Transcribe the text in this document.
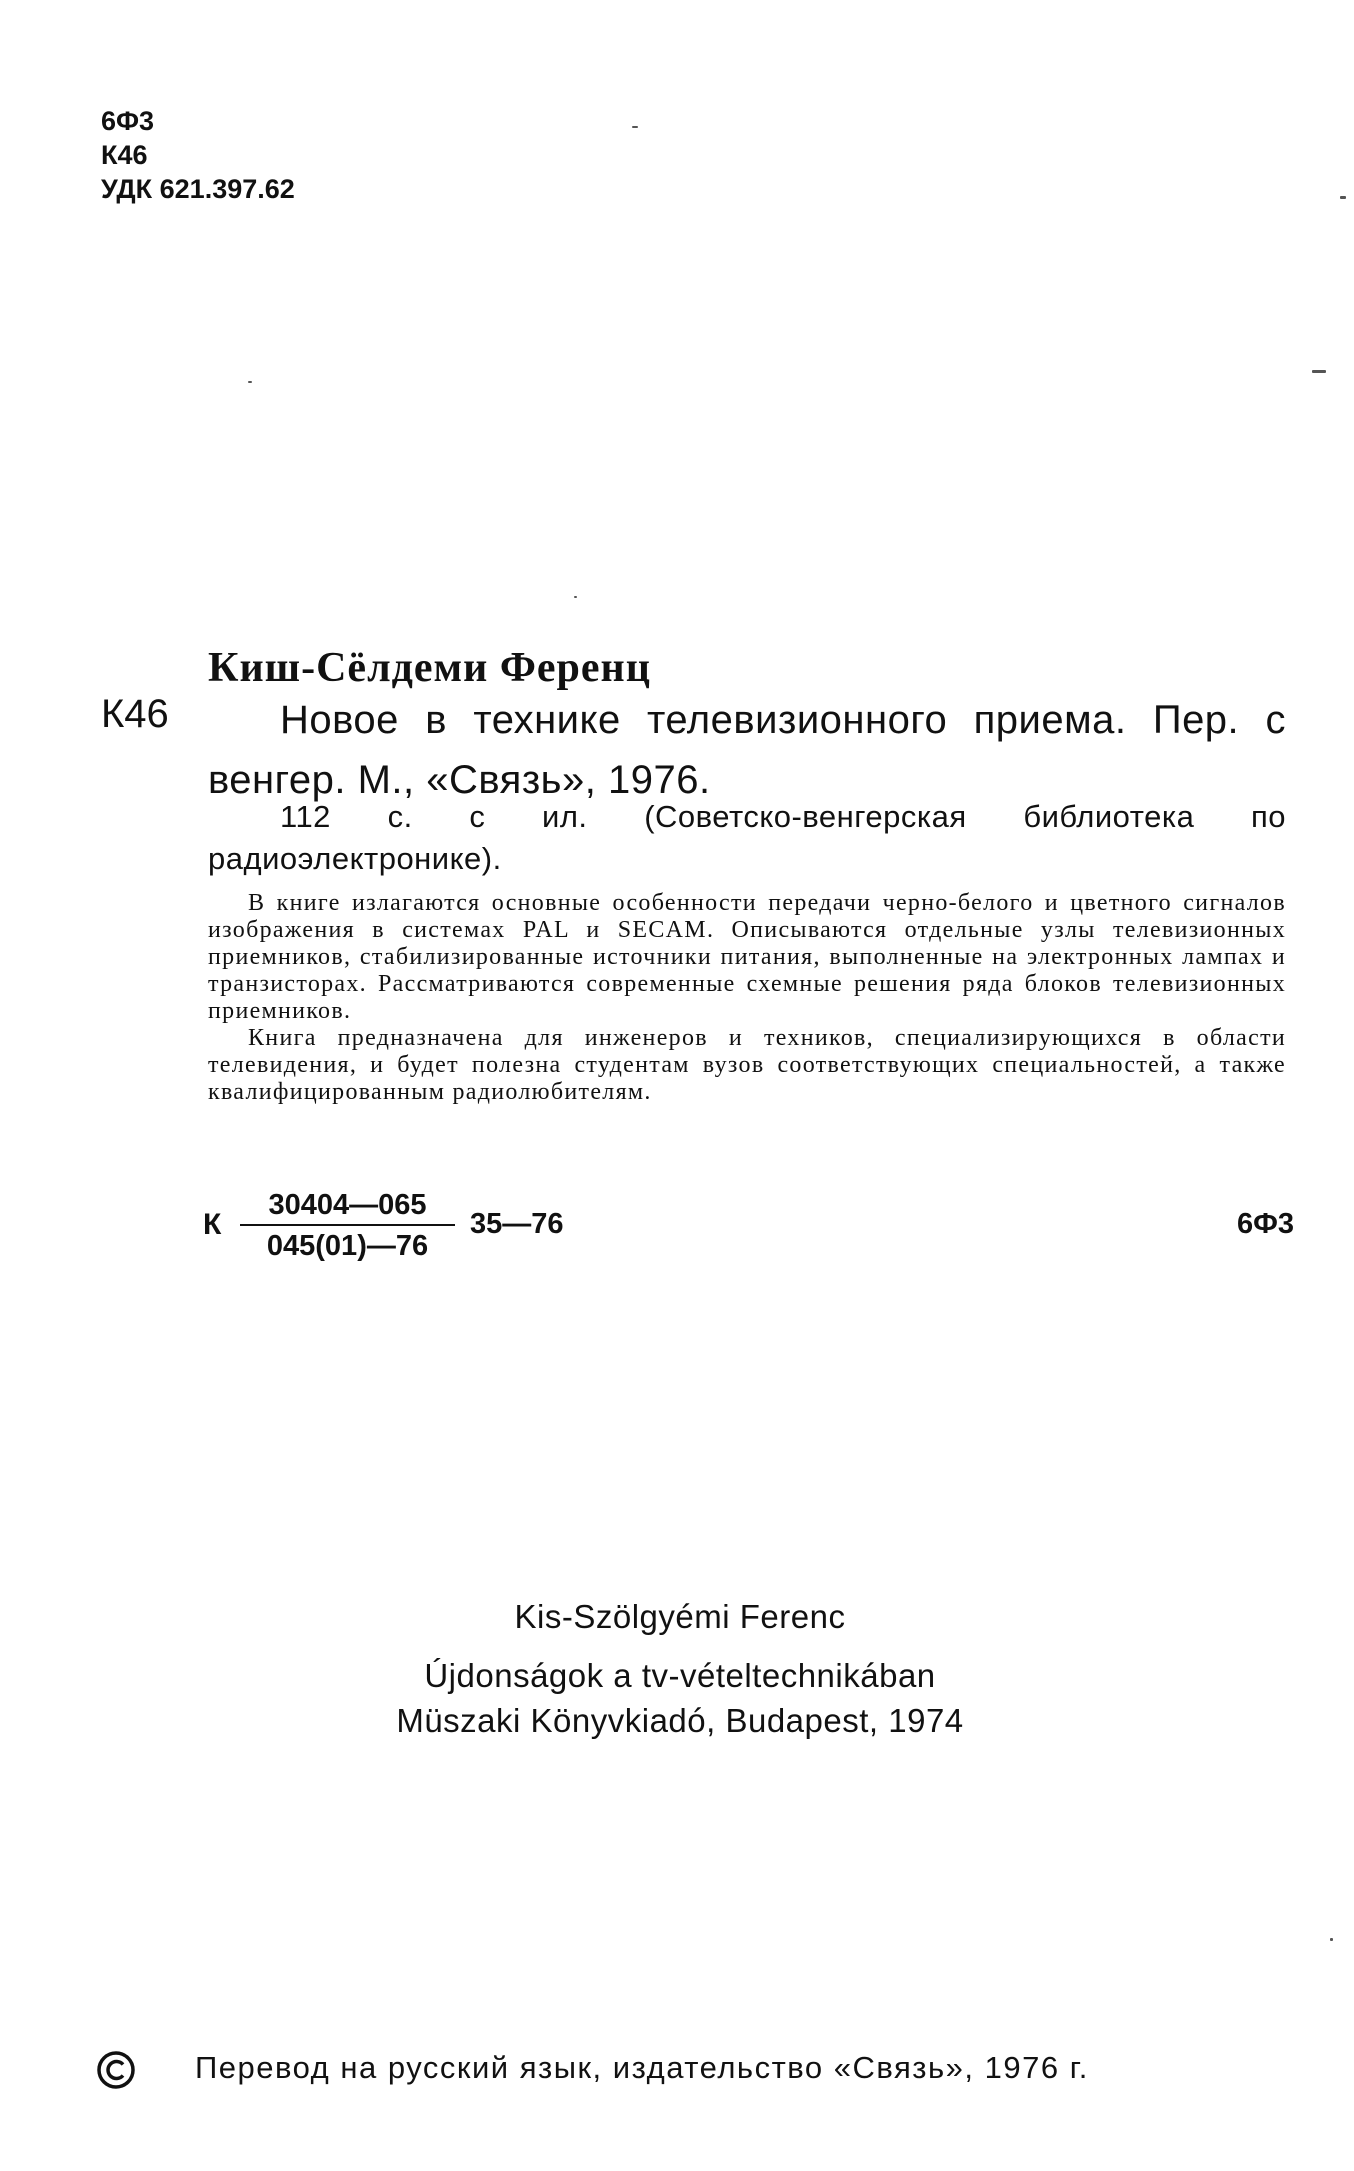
6Ф3
К46
УДК 621.397.62
Киш-Сёлдеми Ференц
К46	Новое в технике телевизионного приема. Пер. с венгер. М., «Связь», 1976.
112 с. с ил. (Советско-венгерская библиотека по радиоэлектронике).

В книге излагаются основные особенности передачи черно-белого и цветного сигналов изображения в системах PAL и SECAM. Описываются отдельные узлы телевизионных приемников, стабилизированные источники питания, выполненные на электронных лампах и транзисторах. Рассматриваются современные схемные решения ряда блоков телевизионных приемников.

Книга предназначена для инженеров и техников, специализирующихся в области телевидения, и будет полезна студентам вузов соответствующих специальностей, а также квалифицированным радиолюбителям.

К $\frac{30404—065}{045(01)—76}$ 35—76	6Ф3
Kis-Szölgyémi Ferenc
Újdonságok a tv-vételtechnikában
Müszaki Könyvkiadó, Budapest, 1974
Перевод на русский язык, издательство «Связь», 1976 г.
